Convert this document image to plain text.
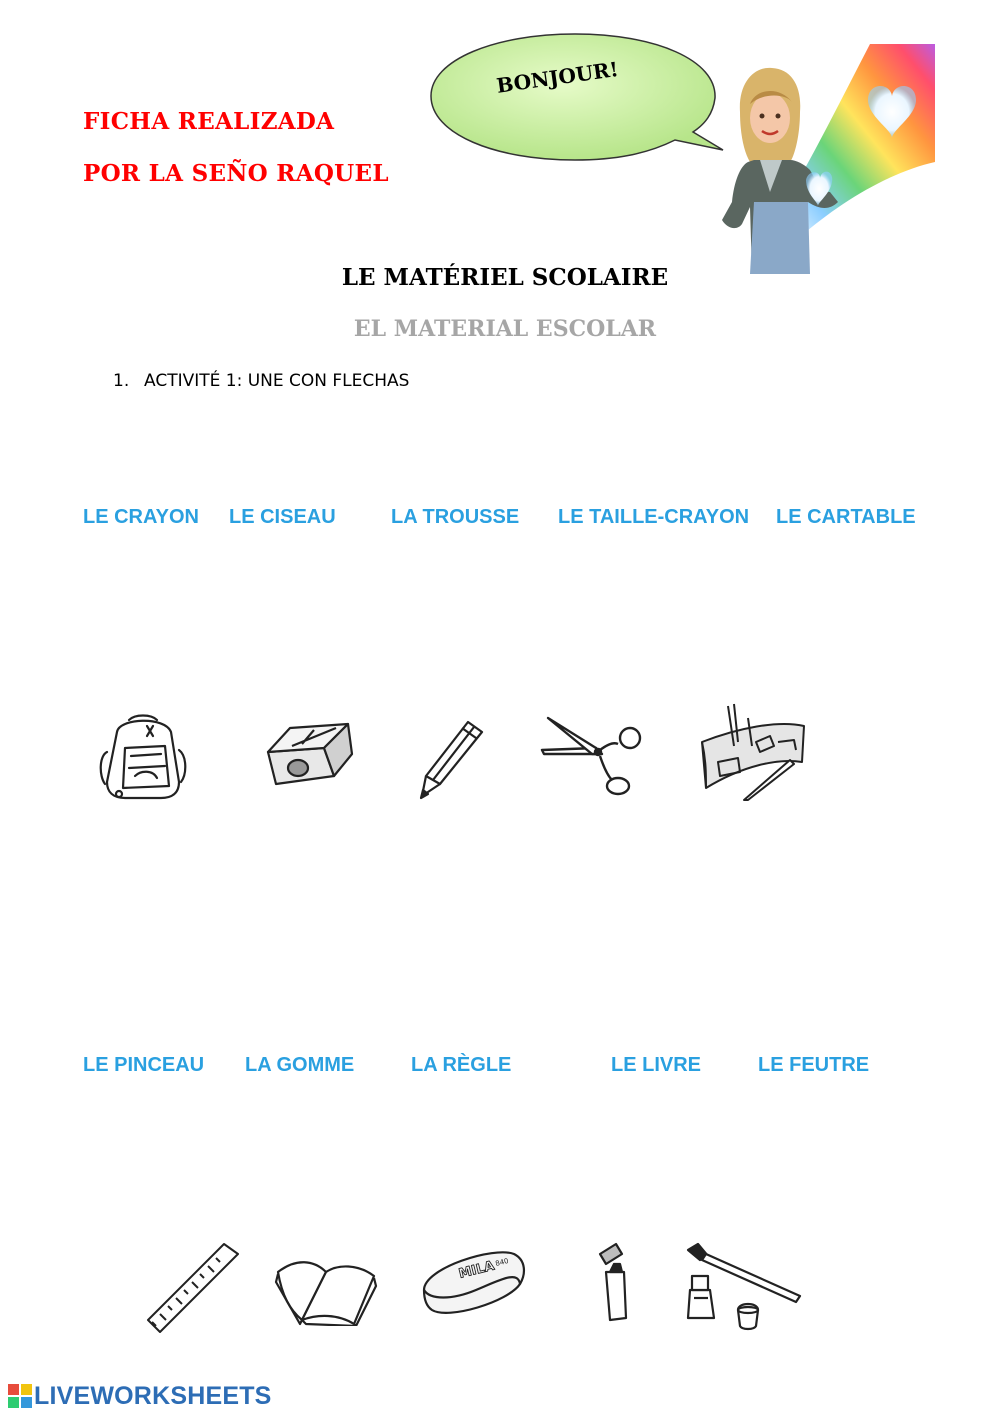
FICHA REALIZADA
POR LA SEÑO RAQUEL
BONJOUR!
LE MATÉRIEL SCOLAIRE
EL MATERIAL ESCOLAR
1. ACTIVITÉ 1: UNE CON FLECHAS
LE CRAYON LE CISEAU	LA TROUSSE LE TAILLE-CRAYON LE CARTABLE
LE PINCEAU LA GOMME	LA RÈGLE	LE LIVRE	LE FEUTRE
MILA
840
LIVEWORKSHEETS
